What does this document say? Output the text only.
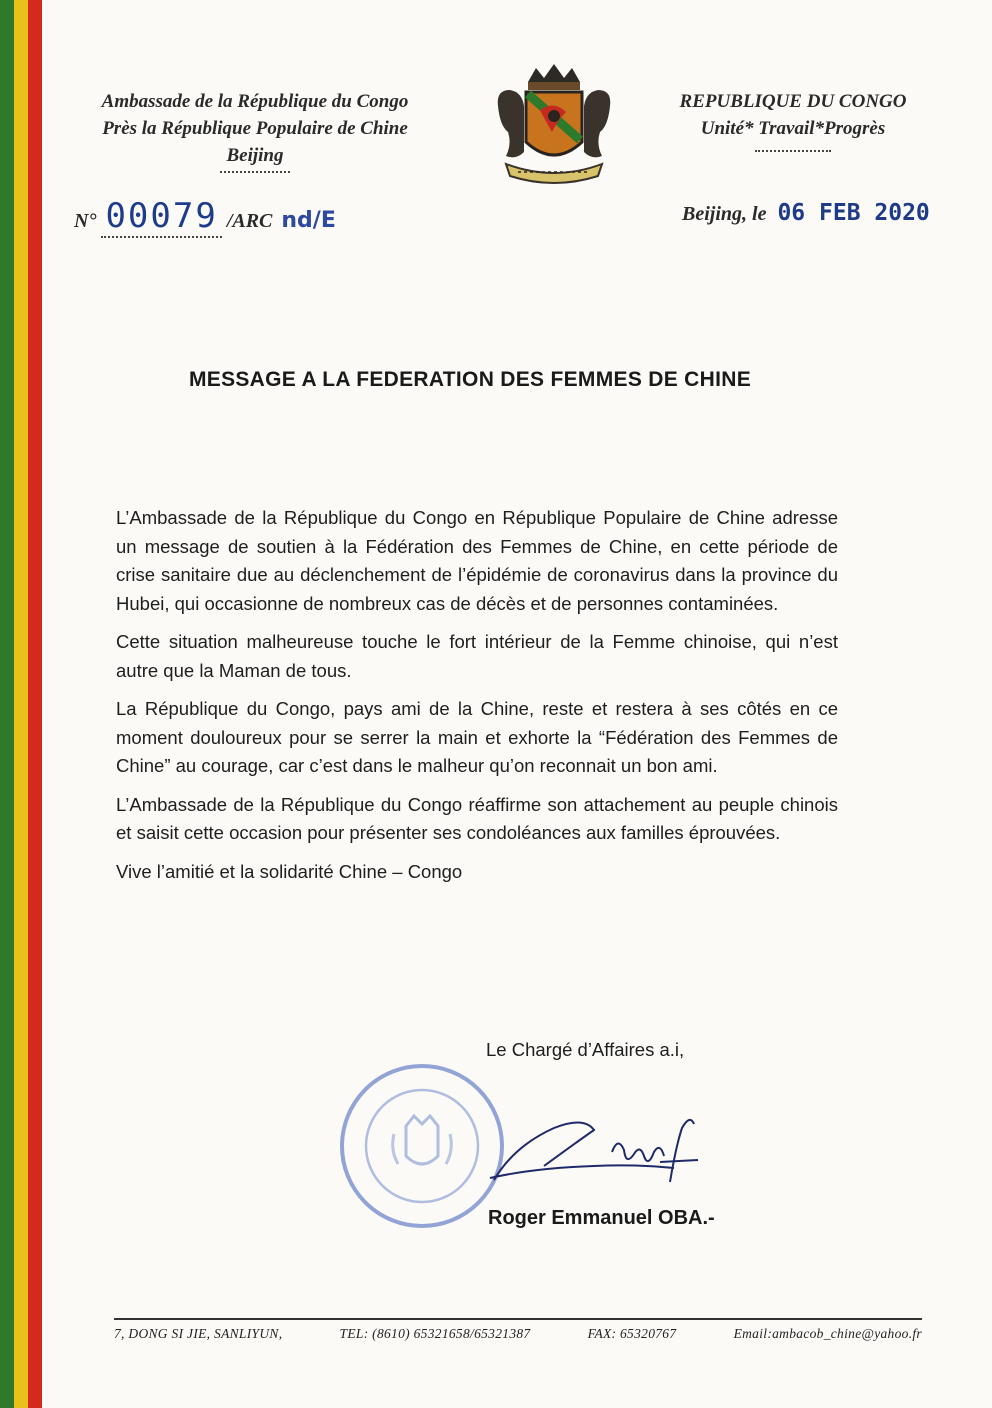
Ambassade de la République du Congo
Près la République Populaire de Chine
Beijing
REPUBLIQUE DU CONGO
Unité* Travail*Progrès
N° 00079 /ARC nd/E	Beijing, le 06 FEB 2020
MESSAGE A LA FEDERATION DES FEMMES DE CHINE

L’Ambassade de la République du Congo en République Populaire de Chine adresse un message de soutien à la Fédération des Femmes de Chine, en cette période de crise sanitaire due au déclenchement de l’épidémie de coronavirus dans la province du Hubei, qui occasionne de nombreux cas de décès et de personnes contaminées.

Cette situation malheureuse touche le fort intérieur de la Femme chinoise, qui n’est autre que la Maman de tous.

La République du Congo, pays ami de la Chine, reste et restera à ses côtés en ce moment douloureux pour se serrer la main et exhorte la “Fédération des Femmes de Chine” au courage, car c’est dans le malheur qu’on reconnait un bon ami.

L’Ambassade de la République du Congo réaffirme son attachement au peuple chinois et saisit cette occasion pour présenter ses condoléances aux familles éprouvées.

Vive l’amitié et la solidarité Chine – Congo

Le Chargé d’Affaires a.i,
Roger Emmanuel OBA.-
7, DONG SI JIE, SANLIYUN,	TEL: (8610) 65321658/65321387	FAX: 65320767	Email:ambacob_chine@yahoo.fr
